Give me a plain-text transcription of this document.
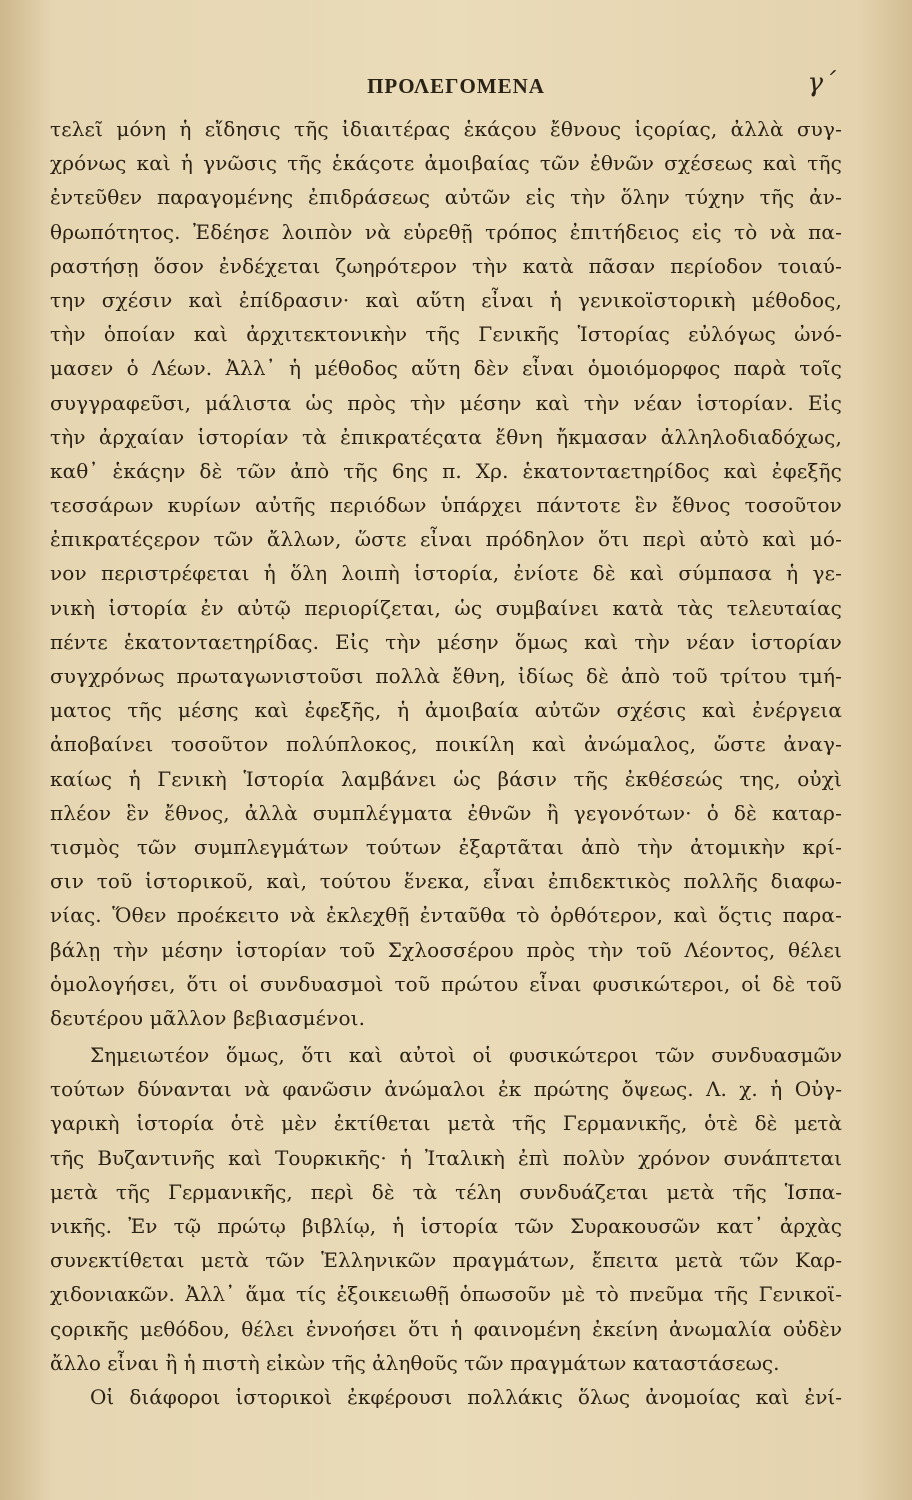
ΠΡΟΛΕΓΟΜΕΝΑ	γ΄
τελεῖ μόνη ἡ εἴδησις τῆς ἰδιαιτέρας ἑκάςου ἔθνους ἱςορίας, ἀλλὰ συγ-
χρόνως καὶ ἡ γνῶσις τῆς ἑκάςοτε ἀμοιβαίας τῶν ἐθνῶν σχέσεως καὶ τῆς
ἐντεῦθεν παραγομένης ἐπιδράσεως αὐτῶν εἰς τὴν ὅλην τύχην τῆς ἀν-
θρωπότητος. Ἐδέησε λοιπὸν νὰ εὑρεθῇ τρόπος ἐπιτήδειος εἰς τὸ νὰ πα-
ραστήσῃ ὅσον ἐνδέχεται ζωηρότερον τὴν κατὰ πᾶσαν περίοδον τοιαύ-
την σχέσιν καὶ ἐπίδρασιν· καὶ αὕτη εἶναι ἡ γενικοϊστορικὴ μέθοδος,
τὴν ὁποίαν καὶ ἀρχιτεκτονικὴν τῆς Γενικῆς Ἱστορίας εὐλόγως ὠνό-
μασεν ὁ Λέων. Ἀλλ᾽ ἡ μέθοδος αὕτη δὲν εἶναι ὁμοιόμορφος παρὰ τοῖς
συγγραφεῦσι, μάλιστα ὡς πρὸς τὴν μέσην καὶ τὴν νέαν ἱστορίαν. Εἰς
τὴν ἀρχαίαν ἱστορίαν τὰ ἐπικρατέςατα ἔθνη ἤκμασαν ἀλληλοδιαδόχως,
καθ᾽ ἑκάςην δὲ τῶν ἀπὸ τῆς 6ης π. Χρ. ἑκατονταετηρίδος καὶ ἐφεξῆς
τεσσάρων κυρίων αὐτῆς περιόδων ὑπάρχει πάντοτε ἓν ἔθνος τοσοῦτον
ἐπικρατέςερον τῶν ἄλλων, ὥστε εἶναι πρόδηλον ὅτι περὶ αὐτὸ καὶ μό-
νον περιστρέφεται ἡ ὅλη λοιπὴ ἱστορία, ἐνίοτε δὲ καὶ σύμπασα ἡ γε-
νικὴ ἱστορία ἐν αὐτῷ περιορίζεται, ὡς συμβαίνει κατὰ τὰς τελευταίας
πέντε ἑκατονταετηρίδας. Εἰς τὴν μέσην ὅμως καὶ τὴν νέαν ἱστορίαν
συγχρόνως πρωταγωνιστοῦσι πολλὰ ἔθνη, ἰδίως δὲ ἀπὸ τοῦ τρίτου τμή-
ματος τῆς μέσης καὶ ἐφεξῆς, ἡ ἀμοιβαία αὐτῶν σχέσις καὶ ἐνέργεια
ἀποβαίνει τοσοῦτον πολύπλοκος, ποικίλη καὶ ἀνώμαλος, ὥστε ἀναγ-
καίως ἡ Γενικὴ Ἱστορία λαμβάνει ὡς βάσιν τῆς ἐκθέσεώς της, οὐχὶ
πλέον ἓν ἔθνος, ἀλλὰ συμπλέγματα ἐθνῶν ἢ γεγονότων· ὁ δὲ καταρ-
τισμὸς τῶν συμπλεγμάτων τούτων ἐξαρτᾶται ἀπὸ τὴν ἀτομικὴν κρί-
σιν τοῦ ἱστορικοῦ, καὶ, τούτου ἕνεκα, εἶναι ἐπιδεκτικὸς πολλῆς διαφω-
νίας. Ὅθεν προέκειτο νὰ ἐκλεχθῇ ἐνταῦθα τὸ ὀρθότερον, καὶ ὅςτις παρα-
βάλῃ τὴν μέσην ἱστορίαν τοῦ Σχλοσσέρου πρὸς τὴν τοῦ Λέοντος, θέλει
ὁμολογήσει, ὅτι οἱ συνδυασμοὶ τοῦ πρώτου εἶναι φυσικώτεροι, οἱ δὲ τοῦ
δευτέρου μᾶλλον βεβιασμένοι.
Σημειωτέον ὅμως, ὅτι καὶ αὐτοὶ οἱ φυσικώτεροι τῶν συνδυασμῶν
τούτων δύνανται νὰ φανῶσιν ἀνώμαλοι ἐκ πρώτης ὄψεως. Λ. χ. ἡ Οὐγ-
γαρικὴ ἱστορία ὁτὲ μὲν ἐκτίθεται μετὰ τῆς Γερμανικῆς, ὁτὲ δὲ μετὰ
τῆς Βυζαντινῆς καὶ Τουρκικῆς· ἡ Ἰταλικὴ ἐπὶ πολὺν χρόνον συνάπτεται
μετὰ τῆς Γερμανικῆς, περὶ δὲ τὰ τέλη συνδυάζεται μετὰ τῆς Ἱσπα-
νικῆς. Ἐν τῷ πρώτῳ βιβλίῳ, ἡ ἱστορία τῶν Συρακουσῶν κατ᾽ ἀρχὰς
συνεκτίθεται μετὰ τῶν Ἑλληνικῶν πραγμάτων, ἔπειτα μετὰ τῶν Καρ-
χιδονιακῶν. Ἀλλ᾽ ἅμα τίς ἐξοικειωθῇ ὁπωσοῦν μὲ τὸ πνεῦμα τῆς Γενικοϊ-
ςορικῆς μεθόδου, θέλει ἐννοήσει ὅτι ἡ φαινομένη ἐκείνη ἀνωμαλία οὐδὲν
ἄλλο εἶναι ἢ ἡ πιστὴ εἰκὼν τῆς ἀληθοῦς τῶν πραγμάτων καταστάσεως.
Οἱ διάφοροι ἱστορικοὶ ἐκφέρουσι πολλάκις ὅλως ἀνομοίας καὶ ἐνί-
